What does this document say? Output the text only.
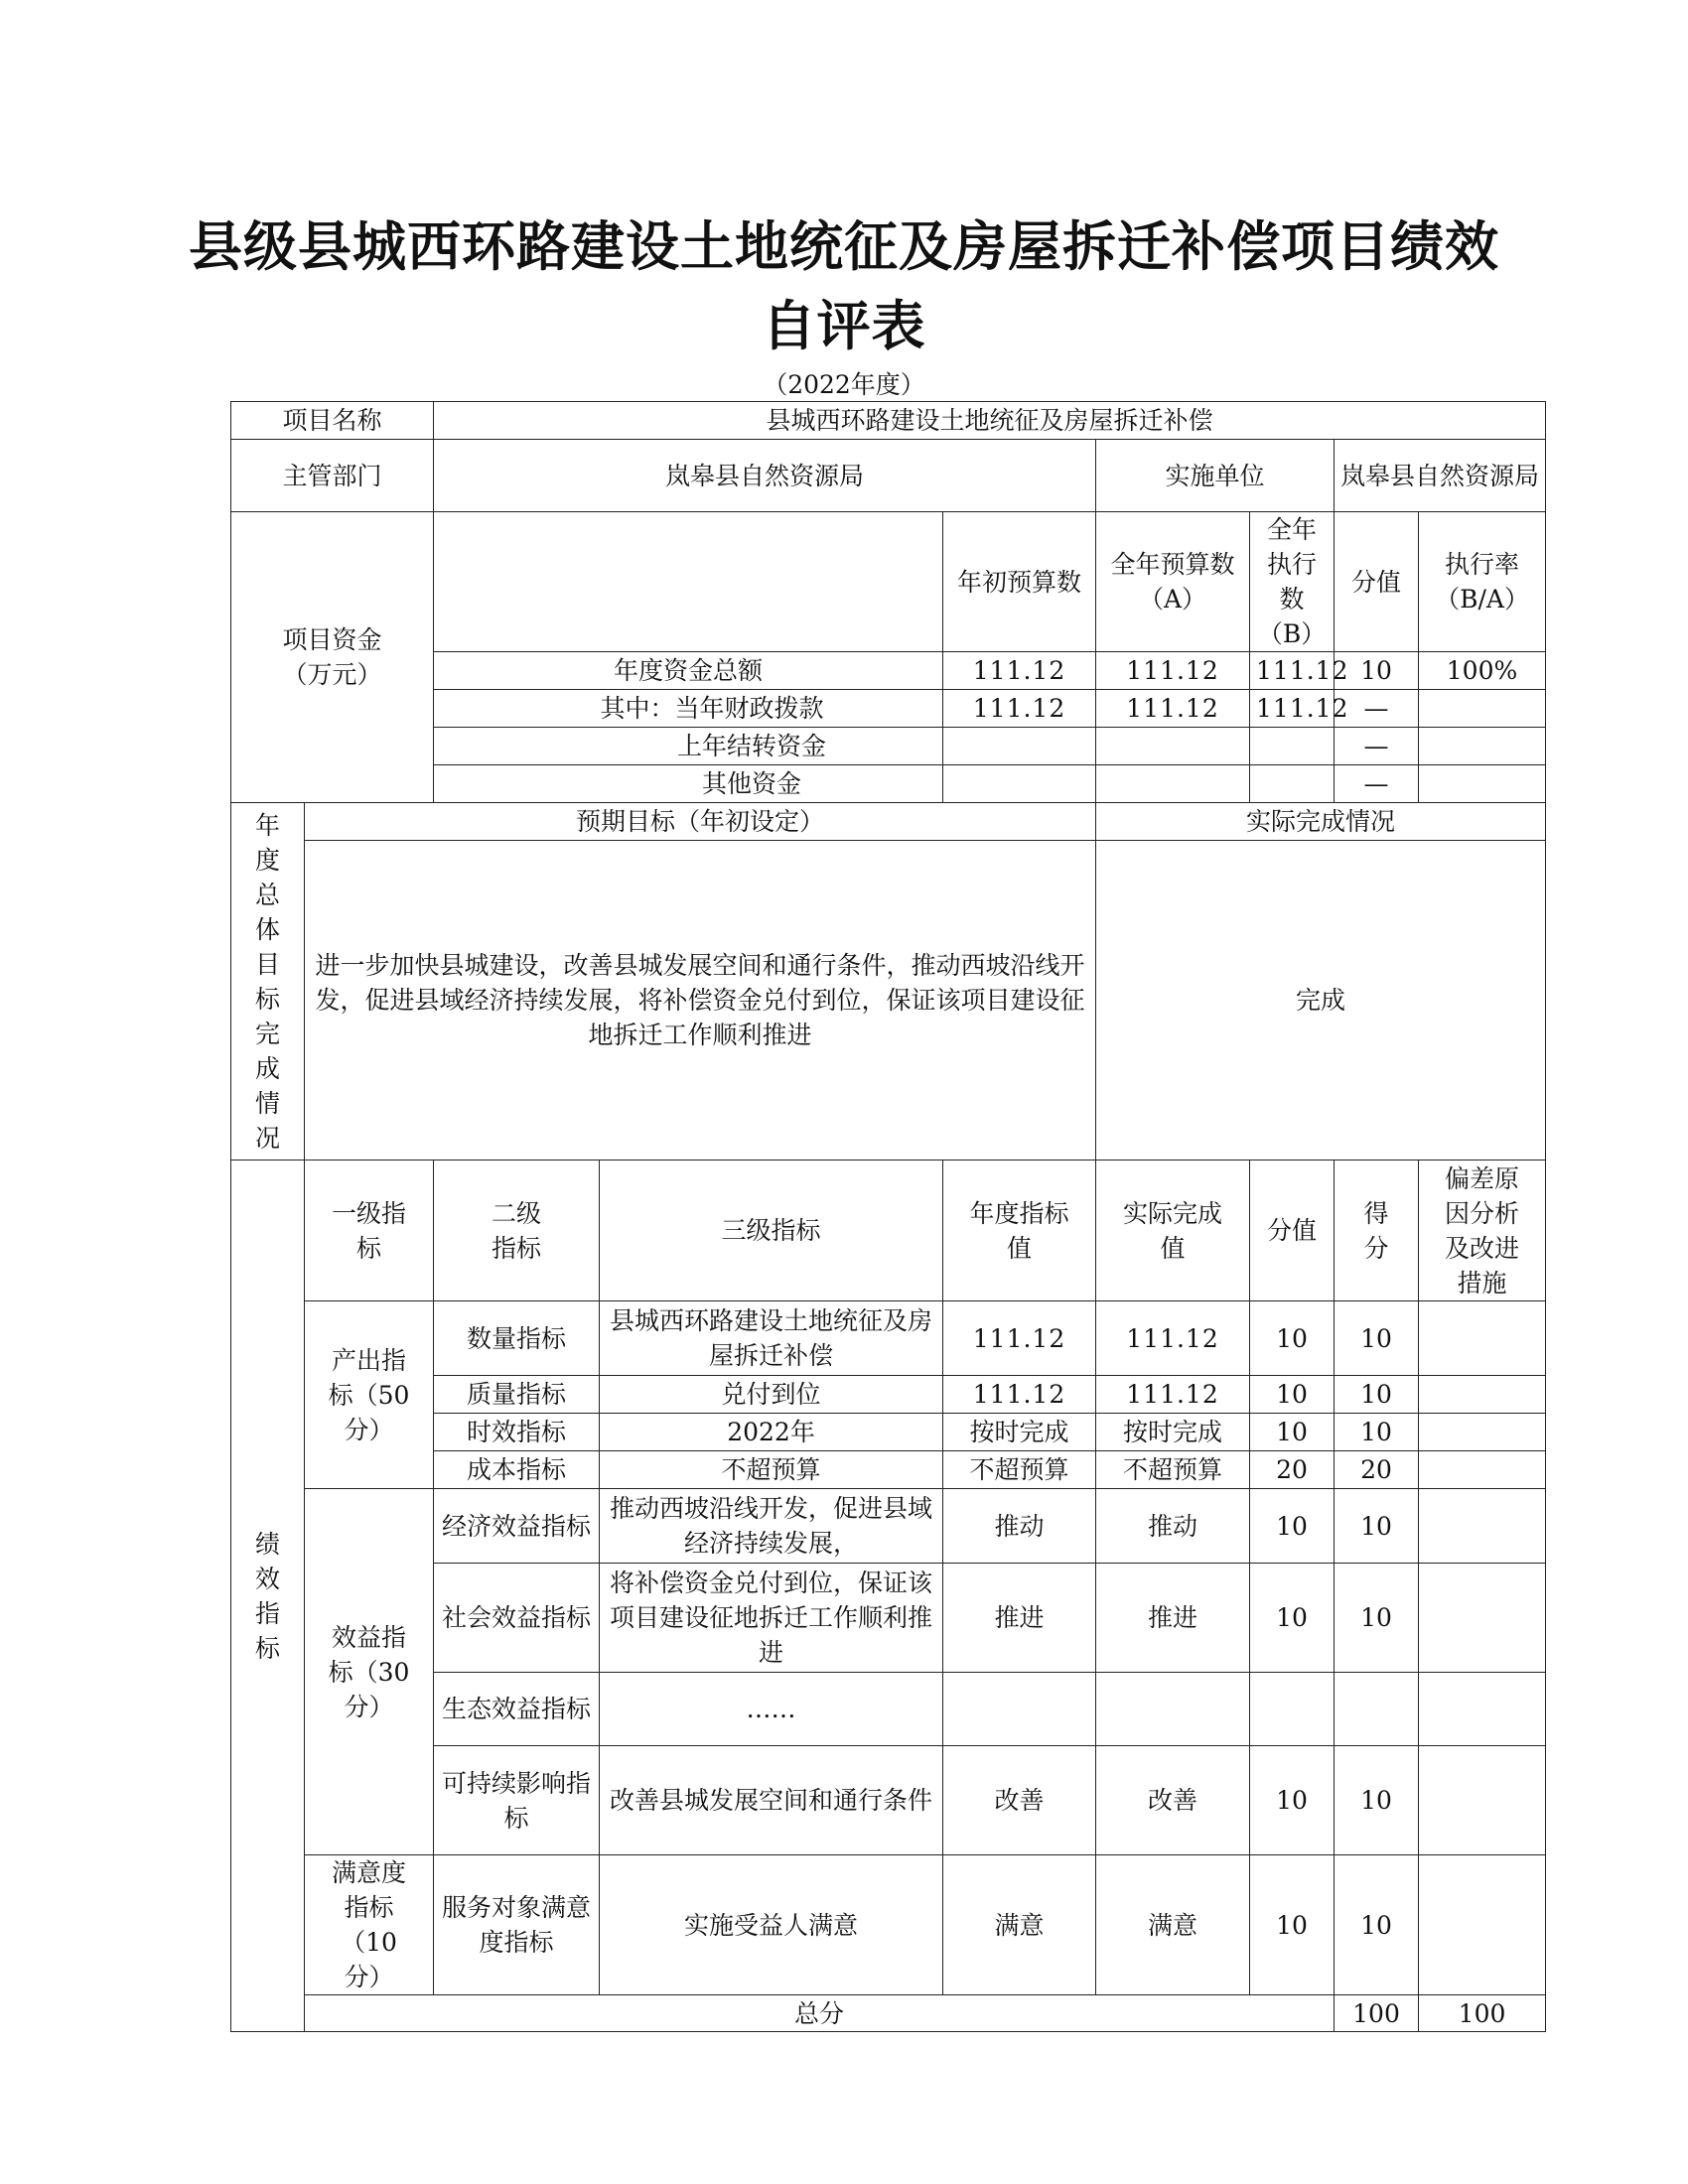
县级县城西环路建设土地统征及房屋拆迁补偿项目绩效
自评表
（2022年度）
项目名称		县城西环路建设土地统征及房屋拆迁补偿							
主管部门		岚皋县自然资源局			实施单位		岚皋县自然资源局		

项目资金（万元）				年初预算数	全年预算数（A）	全年执行数（B）	分值	执行率（B/A）	
		年度资金总额		111.12	111.12	111.12	10	100%	
		其中：当年财政拨款		111.12	111.12	111.12	—		
		上年结转资金					—		
		其他资金					—		

年度总体目标完成情况	预期目标（年初设定）				实际完成情况				
	进一步加快县城建设，改善县城发展空间和通行条件，推动西坡沿线开发，促进县域经济持续发展，将补偿资金兑付到位，保证该项目建设征地拆迁工作顺利推进				完成				

绩效指标	一级指标	二级指标	三级指标	年度指标值	实际完成值	分值	得分	偏差原因分析及改进措施	

	产出指标（50分）	数量指标	县城西环路建设土地统征及房屋拆迁补偿	111.12	111.12	10	10		
		质量指标	兑付到位	111.12	111.12	10	10		
		时效指标	2022年	按时完成	按时完成	10	10		
		成本指标	不超预算	不超预算	不超预算	20	20		

	效益指标（30分）	经济效益指标	推动西坡沿线开发，促进县域经济持续发展，	推动	推动	10	10		
		社会效益指标	将补偿资金兑付到位，保证该项目建设征地拆迁工作顺利推进	推进	推进	10	10		
		生态效益指标	……						
		可持续影响指标	改善县城发展空间和通行条件	改善	改善	10	10		

	满意度指标（10分）	服务对象满意度指标	实施受益人满意	满意	满意	10	10		
	总分						100	100	
